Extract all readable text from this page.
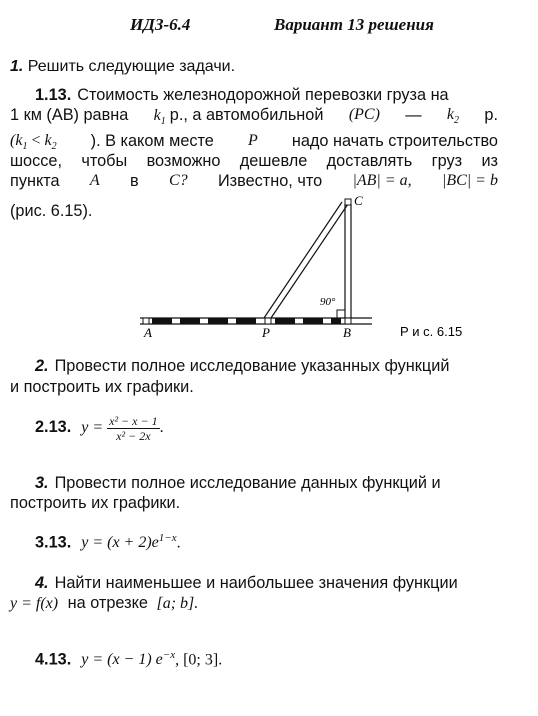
ИДЗ-6.4	Вариант 13 решения
1. Решить следующие задачи.
1.13. Стоимость железнодорожной перевозки груза на
1 км (AB) равна $k_1$ р., а автомобильной (PC) — $k_2$ р.
($k_1 < k_2$ ). В каком месте P надо начать строительство
шоссе, чтобы возможно дешевле доставлять груз из
пункта A в C? Известно, что |AB| = a, |BC| = b
(рис. 6.15).
A	P	B
C
90°
Р и с. 6.15
2. Провести полное исследование указанных функций
и построить их графики.
2.13. $y = \frac{\text{x² − x − 1}}{\text{x² − 2x}}$ .
3. Провести полное исследование данных функций и
построить их графики.
3.13. $y = (x + 2)e^{1-x}$.
4. Найти наименьшее и наибольшее значения функции
y = f(x) на отрезке [a; b].
4.13. y = (x − 1) $e^{-x}$, [0; 3].
